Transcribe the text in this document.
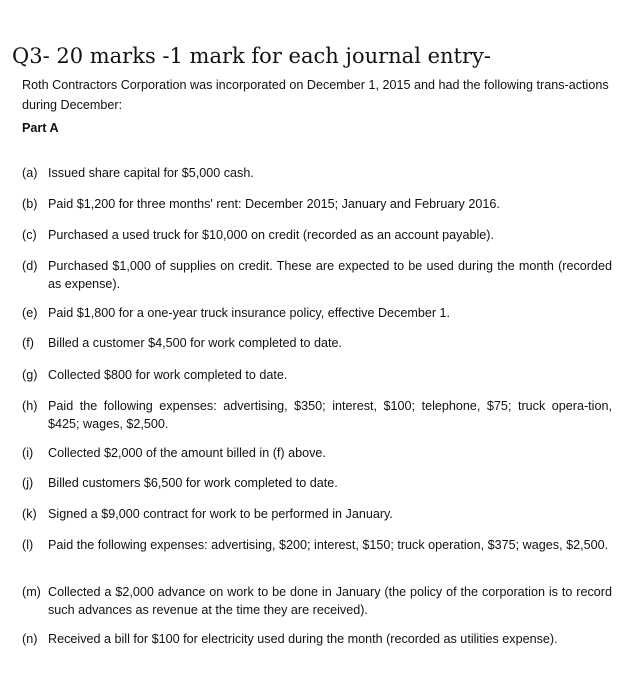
Q3- 20 marks -1 mark for each journal entry-
Roth Contractors Corporation was incorporated on December 1, 2015 and had the following trans-actions during December:
Part A
(a) Issued share capital for $5,000 cash.
(b) Paid $1,200 for three months' rent: December 2015; January and February 2016.
(c) Purchased a used truck for $10,000 on credit (recorded as an account payable).
(d) Purchased $1,000 of supplies on credit. These are expected to be used during the month (recorded as expense).
(e) Paid $1,800 for a one-year truck insurance policy, effective December 1.
(f)	Billed a customer $4,500 for work completed to date.
(g) Collected $800 for work completed to date.
(h) Paid the following expenses: advertising, $350; interest, $100; telephone, $75; truck opera-tion, $425; wages, $2,500.
(i)	Collected $2,000 of the amount billed in (f) above.
(j)	Billed customers $6,500 for work completed to date.
(k) Signed a $9,000 contract for work to be performed in January.
(l)	Paid the following expenses: advertising, $200; interest, $150; truck operation, $375; wages, $2,500.
(m) Collected a $2,000 advance on work to be done in January (the policy of the corporation is to record such advances as revenue at the time they are received).
(n) Received a bill for $100 for electricity used during the month (recorded as utilities expense).
